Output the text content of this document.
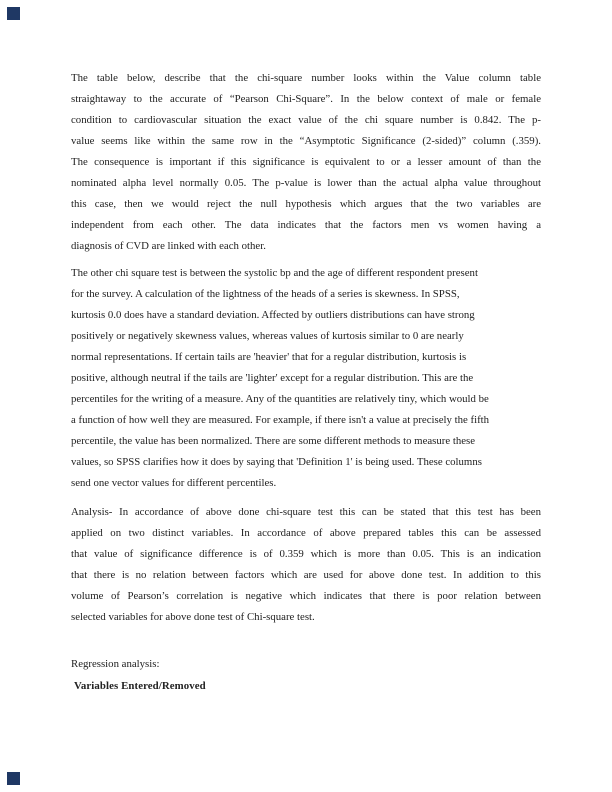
The table below, describe that the chi-square number looks within the Value column table
straightaway to the accurate of “Pearson Chi-Square”. In the below context of male or female
condition to cardiovascular situation the exact value of the chi square number is 0.842. The p-
value seems like within the same row in the “Asymptotic Significance (2-sided)” column (.359).
The consequence is important if this significance is equivalent to or a lesser amount of than the
nominated alpha level normally 0.05. The p-value is lower than the actual alpha value throughout
this case, then we would reject the null hypothesis which argues that the two variables are
independent from each other. The data indicates that the factors men vs women having a
diagnosis of CVD are linked with each other.
The other chi square test is between the systolic bp and the age of different respondent present
for the survey. A calculation of the lightness of the heads of a series is skewness. In SPSS,
kurtosis 0.0 does have a standard deviation. Affected by outliers distributions can have strong
positively or negatively skewness values, whereas values of kurtosis similar to 0 are nearly
normal representations. If certain tails are 'heavier' that for a regular distribution, kurtosis is
positive, although neutral if the tails are 'lighter' except for a regular distribution. This are the
percentiles for the writing of a measure. Any of the quantities are relatively tiny, which would be
a function of how well they are measured. For example, if there isn't a value at precisely the fifth
percentile, the value has been normalized. There are some different methods to measure these
values, so SPSS clarifies how it does by saying that 'Definition 1' is being used. These columns
send one vector values for different percentiles.
Analysis- In accordance of above done chi-square test this can be stated that this test has been
applied on two distinct variables. In accordance of above prepared tables this can be assessed
that value of significance difference is of 0.359 which is more than 0.05. This is an indication
that there is no relation between factors which are used for above done test. In addition to this
volume of Pearson’s correlation is negative which indicates that there is poor relation between
selected variables for above done test of Chi-square test.
Regression analysis:
Variables Entered/Removed
